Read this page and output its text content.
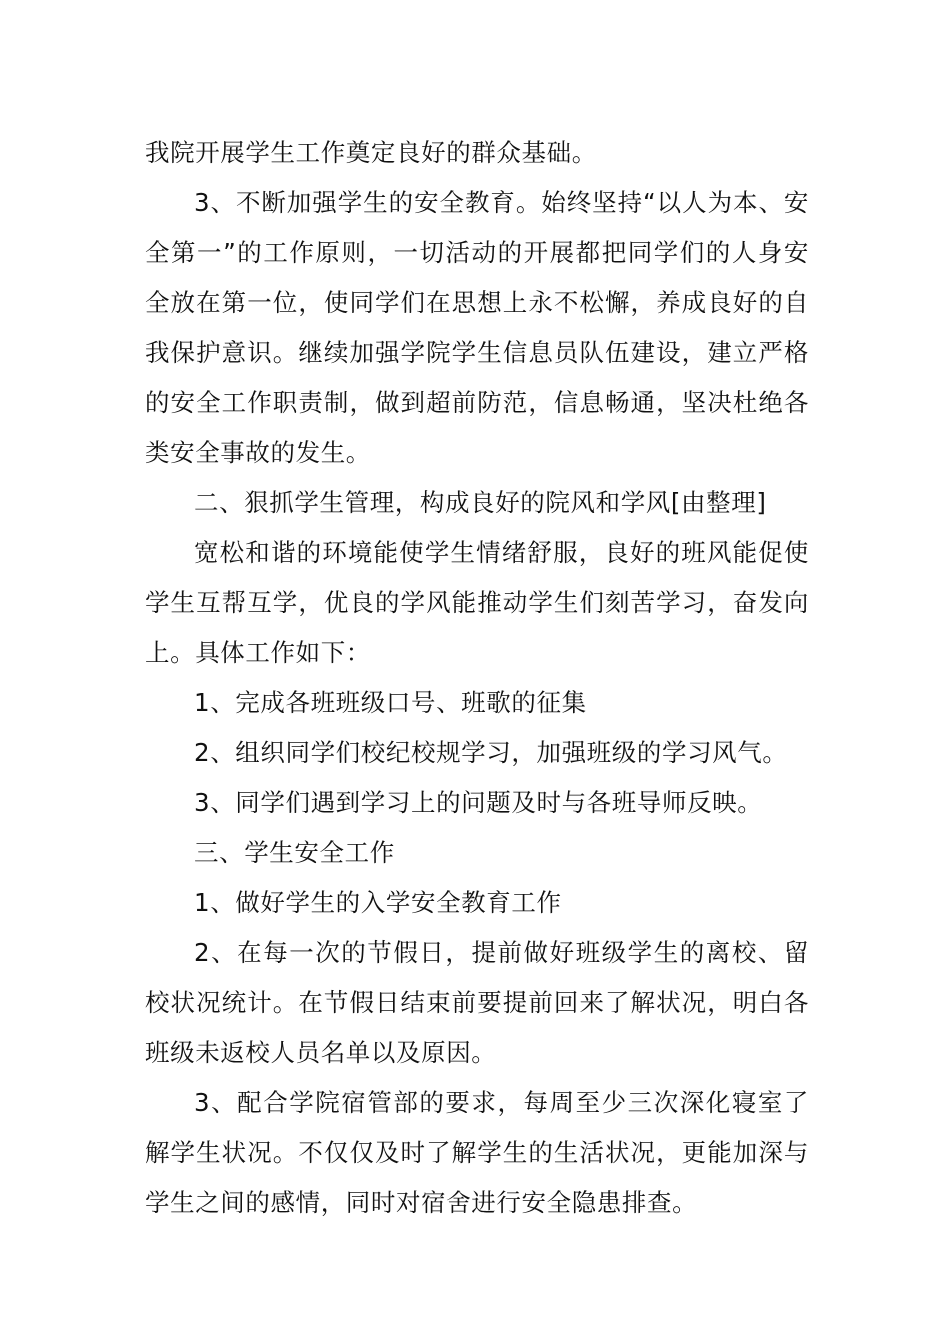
我院开展学生工作奠定良好的群众基础。

3、不断加强学生的安全教育。始终坚持“以人为本、安全第一”的工作原则，一切活动的开展都把同学们的人身安全放在第一位，使同学们在思想上永不松懈，养成良好的自我保护意识。继续加强学院学生信息员队伍建设，建立严格的安全工作职责制，做到超前防范，信息畅通，坚决杜绝各类安全事故的发生。

二、狠抓学生管理，构成良好的院风和学风[由整理]

宽松和谐的环境能使学生情绪舒服，良好的班风能促使学生互帮互学，优良的学风能推动学生们刻苦学习，奋发向上。具体工作如下：

1、完成各班班级口号、班歌的征集

2、组织同学们校纪校规学习，加强班级的学习风气。

3、同学们遇到学习上的问题及时与各班导师反映。

三、学生安全工作

1、做好学生的入学安全教育工作

2、在每一次的节假日，提前做好班级学生的离校、留校状况统计。在节假日结束前要提前回来了解状况，明白各班级未返校人员名单以及原因。

3、配合学院宿管部的要求，每周至少三次深化寝室了解学生状况。不仅仅及时了解学生的生活状况，更能加深与学生之间的感情，同时对宿舍进行安全隐患排查。
